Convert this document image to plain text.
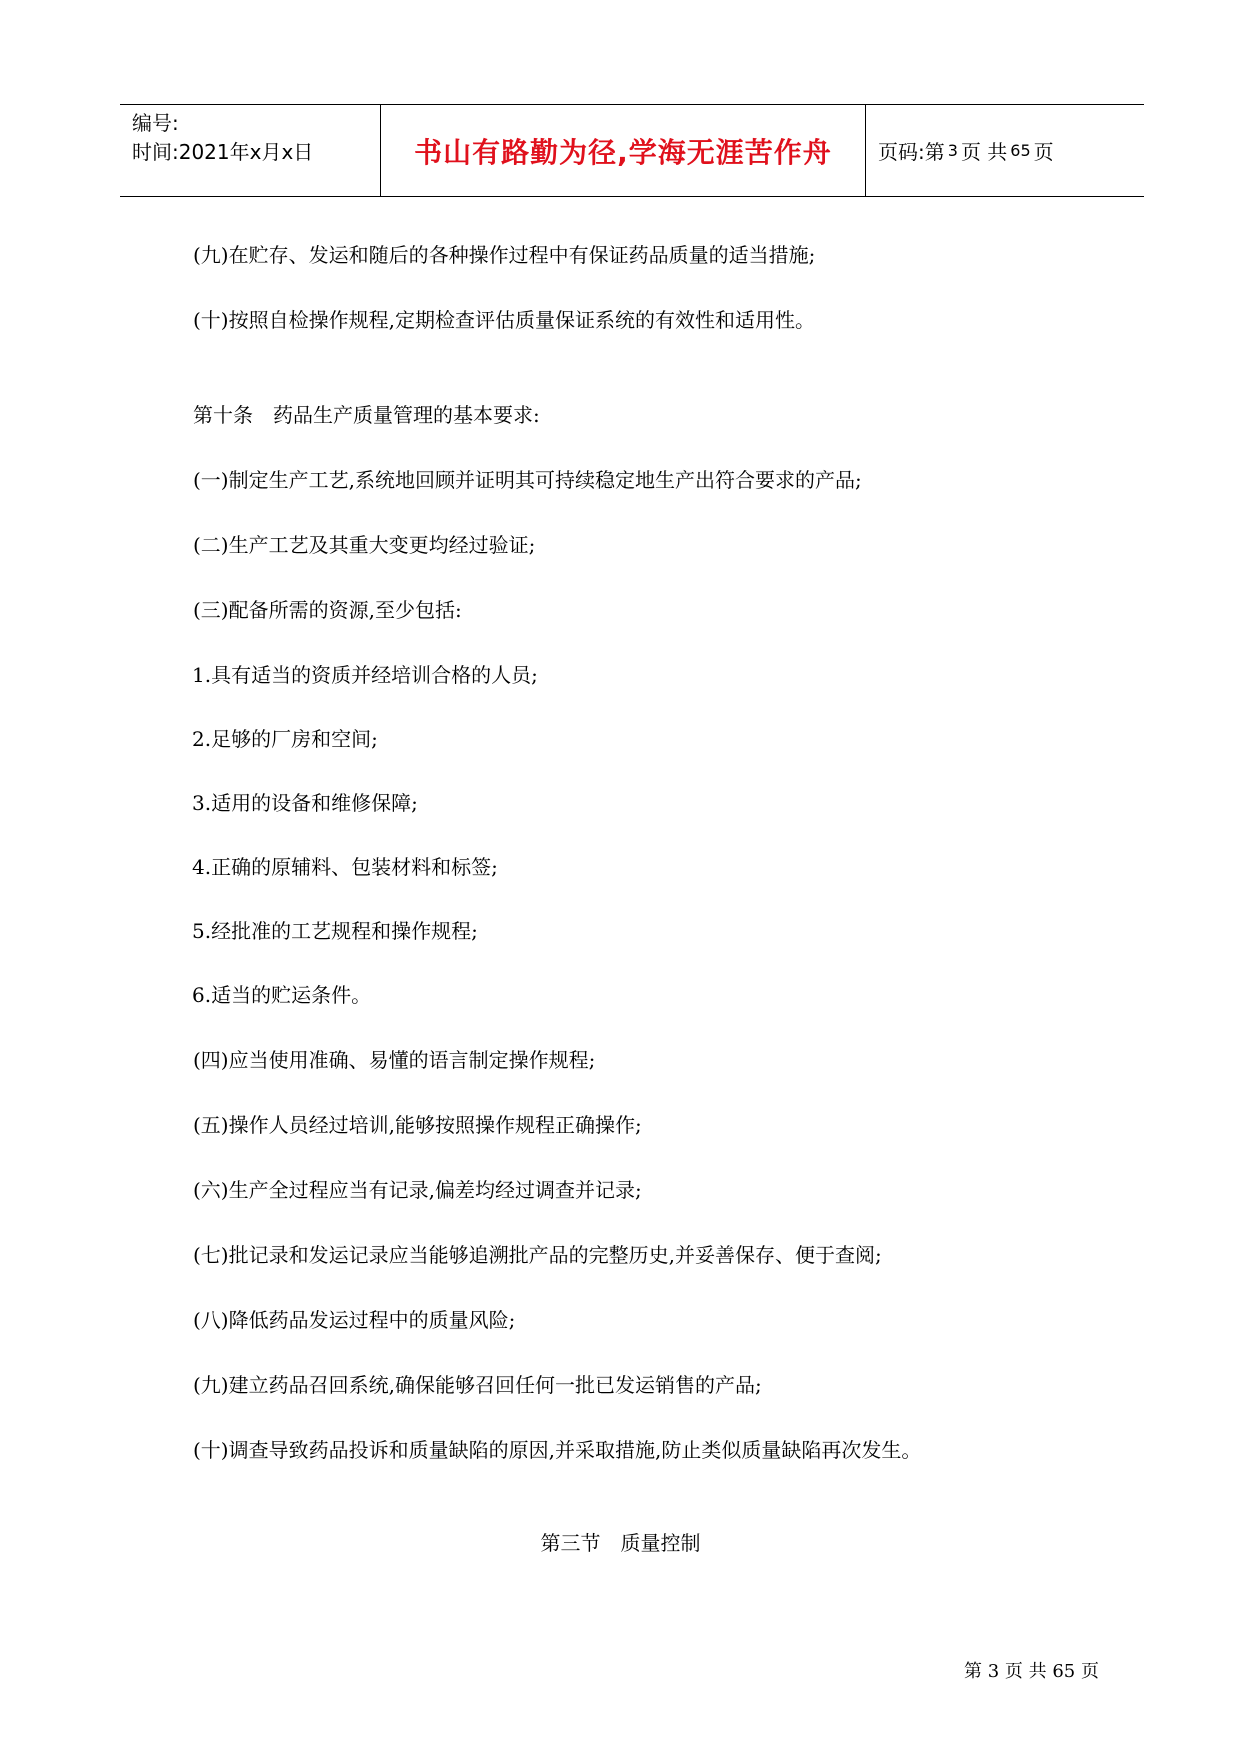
编号:
时间:2021年x月x日	书山有路勤为径,学海无涯苦作舟	页码:第 3 页 共 65 页
(九)在贮存、发运和随后的各种操作过程中有保证药品质量的适当措施;
(十)按照自检操作规程,定期检查评估质量保证系统的有效性和适用性。
第十条　药品生产质量管理的基本要求:
(一)制定生产工艺,系统地回顾并证明其可持续稳定地生产出符合要求的产品;
(二)生产工艺及其重大变更均经过验证;
(三)配备所需的资源,至少包括:
1.具有适当的资质并经培训合格的人员;
2.足够的厂房和空间;
3.适用的设备和维修保障;
4.正确的原辅料、包装材料和标签;
5.经批准的工艺规程和操作规程;
6.适当的贮运条件。
(四)应当使用准确、易懂的语言制定操作规程;
(五)操作人员经过培训,能够按照操作规程正确操作;
(六)生产全过程应当有记录,偏差均经过调查并记录;
(七)批记录和发运记录应当能够追溯批产品的完整历史,并妥善保存、便于查阅;
(八)降低药品发运过程中的质量风险;
(九)建立药品召回系统,确保能够召回任何一批已发运销售的产品;
(十)调查导致药品投诉和质量缺陷的原因,并采取措施,防止类似质量缺陷再次发生。
第三节　质量控制
第 3 页 共 65 页
